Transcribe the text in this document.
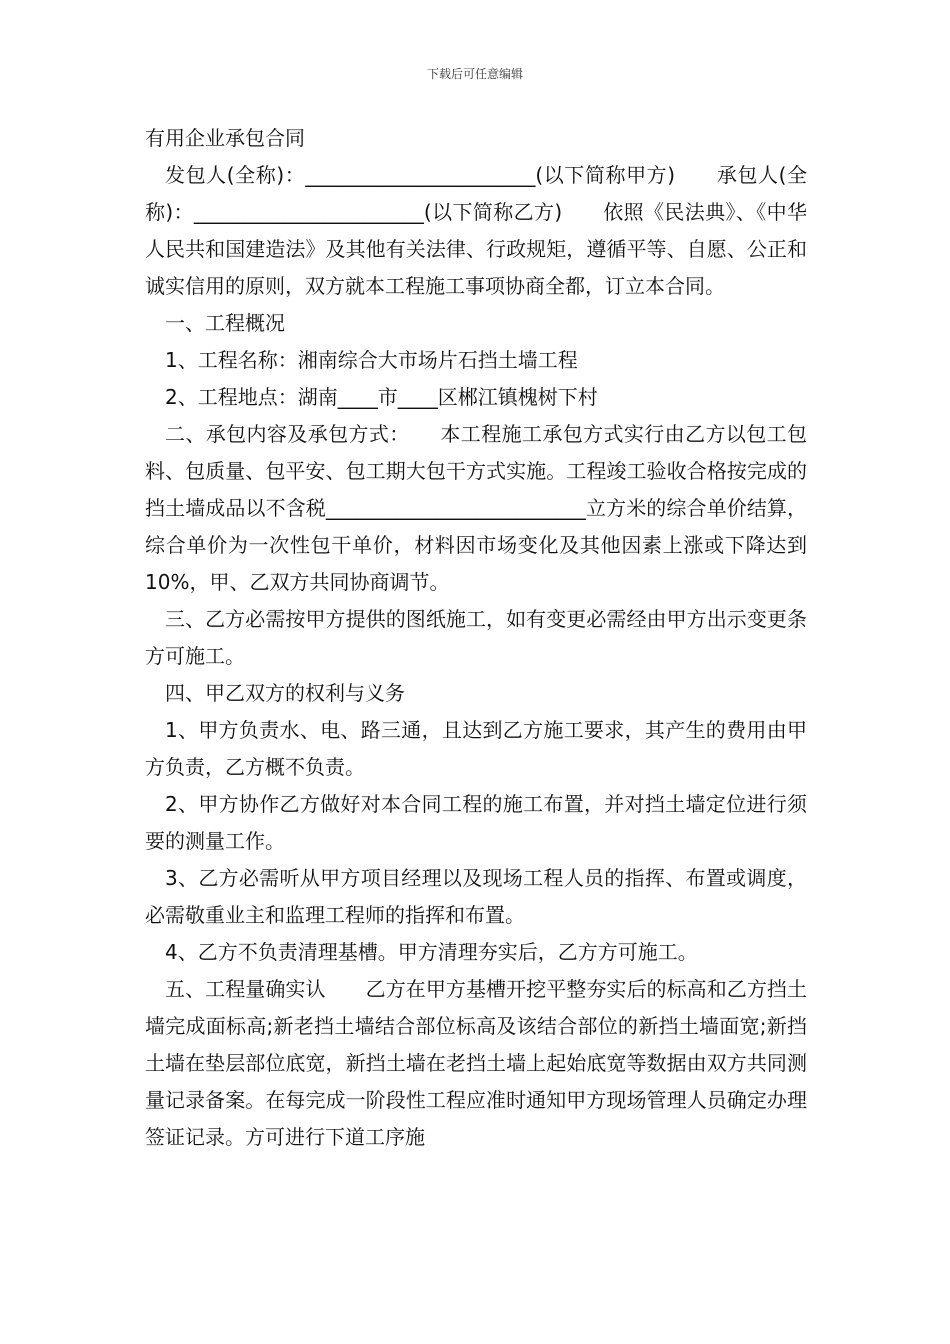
下载后可任意编辑

有用企业承包合同

发包人(全称)：_______________________(以下简称甲方)　　承包人(全称)：_______________________(以下简称乙方)　　依照《民法典》、《中华人民共和国建造法》及其他有关法律、行政规矩，遵循平等、自愿、公正和诚实信用的原则，双方就本工程施工事项协商全都，订立本合同。

一、工程概况

1、工程名称：湘南综合大市场片石挡土墙工程

2、工程地点：湖南____市____区郴江镇槐树下村

二、承包内容及承包方式：　　本工程施工承包方式实行由乙方以包工包料、包质量、包平安、包工期大包干方式实施。工程竣工验收合格按完成的挡土墙成品以不含税__________________________立方米的综合单价结算，综合单价为一次性包干单价，材料因市场变化及其他因素上涨或下降达到10%，甲、乙双方共同协商调节。

三、乙方必需按甲方提供的图纸施工，如有变更必需经由甲方出示变更条方可施工。

四、甲乙双方的权利与义务

1、甲方负责水、电、路三通，且达到乙方施工要求，其产生的费用由甲方负责，乙方概不负责。

2、甲方协作乙方做好对本合同工程的施工布置，并对挡土墙定位进行须要的测量工作。

3、乙方必需听从甲方项目经理以及现场工程人员的指挥、布置或调度，必需敬重业主和监理工程师的指挥和布置。

4、乙方不负责清理基槽。甲方清理夯实后，乙方方可施工。

五、工程量确实认　　乙方在甲方基槽开挖平整夯实后的标高和乙方挡土墙完成面标高;新老挡土墙结合部位标高及该结合部位的新挡土墙面宽;新挡土墙在垫层部位底宽，新挡土墙在老挡土墙上起始底宽等数据由双方共同测量记录备案。在每完成一阶段性工程应准时通知甲方现场管理人员确定办理签证记录。方可进行下道工序施
